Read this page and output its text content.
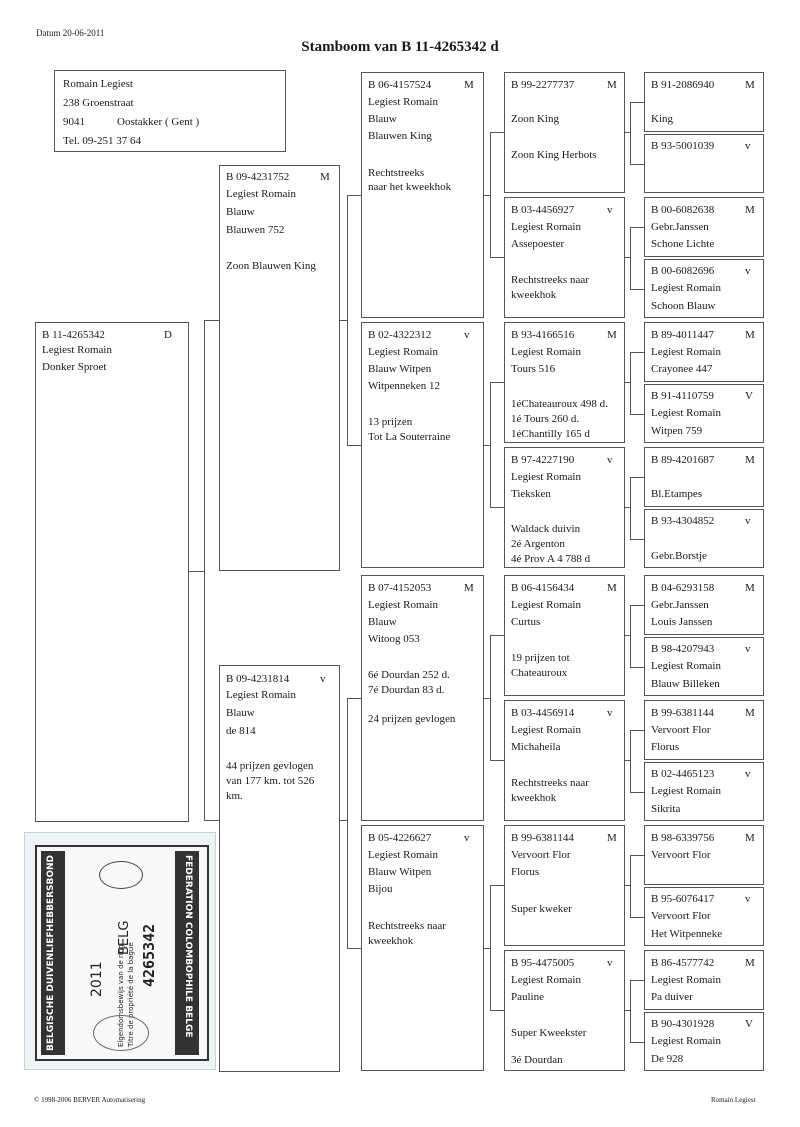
Datum 20-06-2011
Stamboom van B 11-4265342 d
Romain Legiest
238 Groenstraat
9041	Oostakker ( Gent )
Tel. 09-251 37 64
B 11-4265342	D
Legiest Romain
Donker Sproet
B 09-4231752	M
Legiest Romain
Blauw
Blauwen 752
Zoon Blauwen King
B 09-4231814	v
Legiest Romain
Blauw
de 814
44 prijzen gevlogen
van 177 km. tot 526
km.
B 06-4157524	M
Legiest Romain
Blauw
Blauwen King
Rechtstreeks
naar het kweekhok
B 02-4322312	v
Legiest Romain
Blauw Witpen
Witpenneken 12
13 prijzen
Tot La Souterraine
B 07-4152053	M
Legiest Romain
Blauw
Witoog 053
6é Dourdan 252 d.
7é Dourdan 83 d.
24 prijzen gevlogen
B 05-4226627	v
Legiest Romain
Blauw Witpen
Bijou
Rechtstreeks naar
kweekhok
B 99-2277737	M
Zoon King
Zoon King Herbots
B 03-4456927	v
Legiest Romain
Assepoester
Rechtstreeks naar
kweekhok
B 93-4166516	M
Legiest Romain
Tours 516
1éChateauroux 498 d.
1é Tours 260 d.
1éChantilly 165 d
B 97-4227190	v
Legiest Romain
Tieksken
Waldack duivin
2é Argenton
4é Prov A 4 788 d
B 06-4156434	M
Legiest Romain
Curtus
19 prijzen tot
Chateauroux
B 03-4456914	v
Legiest Romain
Michaheila
Rechtstreeks naar
kweekhok
B 99-6381144	M
Vervoort Flor
Florus
Super kweker
B 95-4475005	v
Legiest Romain
Pauline
Super Kweekster
3é Dourdan
B 91-2086940	M
King
B 93-5001039	v
B 00-6082638	M
Gebr.Janssen
Schone Lichte
B 00-6082696	v
Legiest Romain
Schoon Blauw
B 89-4011447	M
Legiest Romain
Crayonee 447
B 91-4110759	V
Legiest Romain
Witpen 759
B 89-4201687	M
Bl.Etampes
B 93-4304852	v
Gebr.Borstje
B 04-6293158	M
Gebr.Janssen
Louis Janssen
B 98-4207943	v
Legiest Romain
Blauw Billeken
B 99-6381144	M
Vervoort Flor
Florus
B 02-4465123	v
Legiest Romain
Sikrita
B 98-6339756	M
Vervoort Flor
B 95-6076417	v
Vervoort Flor
Het Witpenneke
B 86-4577742	M
Legiest Romain
Pa duiver
B 90-4301928	V
Legiest Romain
De 928
BELGISCHE DUIVENLIEFHEBBERSBOND	FEDERATION COLOMBOPHILE BELGE
2011
BELG
Eigendomsbewijs van de ring Titre de propriété de la bague 4265342
© 1998-2006 BERVER Automatisering	Romain Legiest
